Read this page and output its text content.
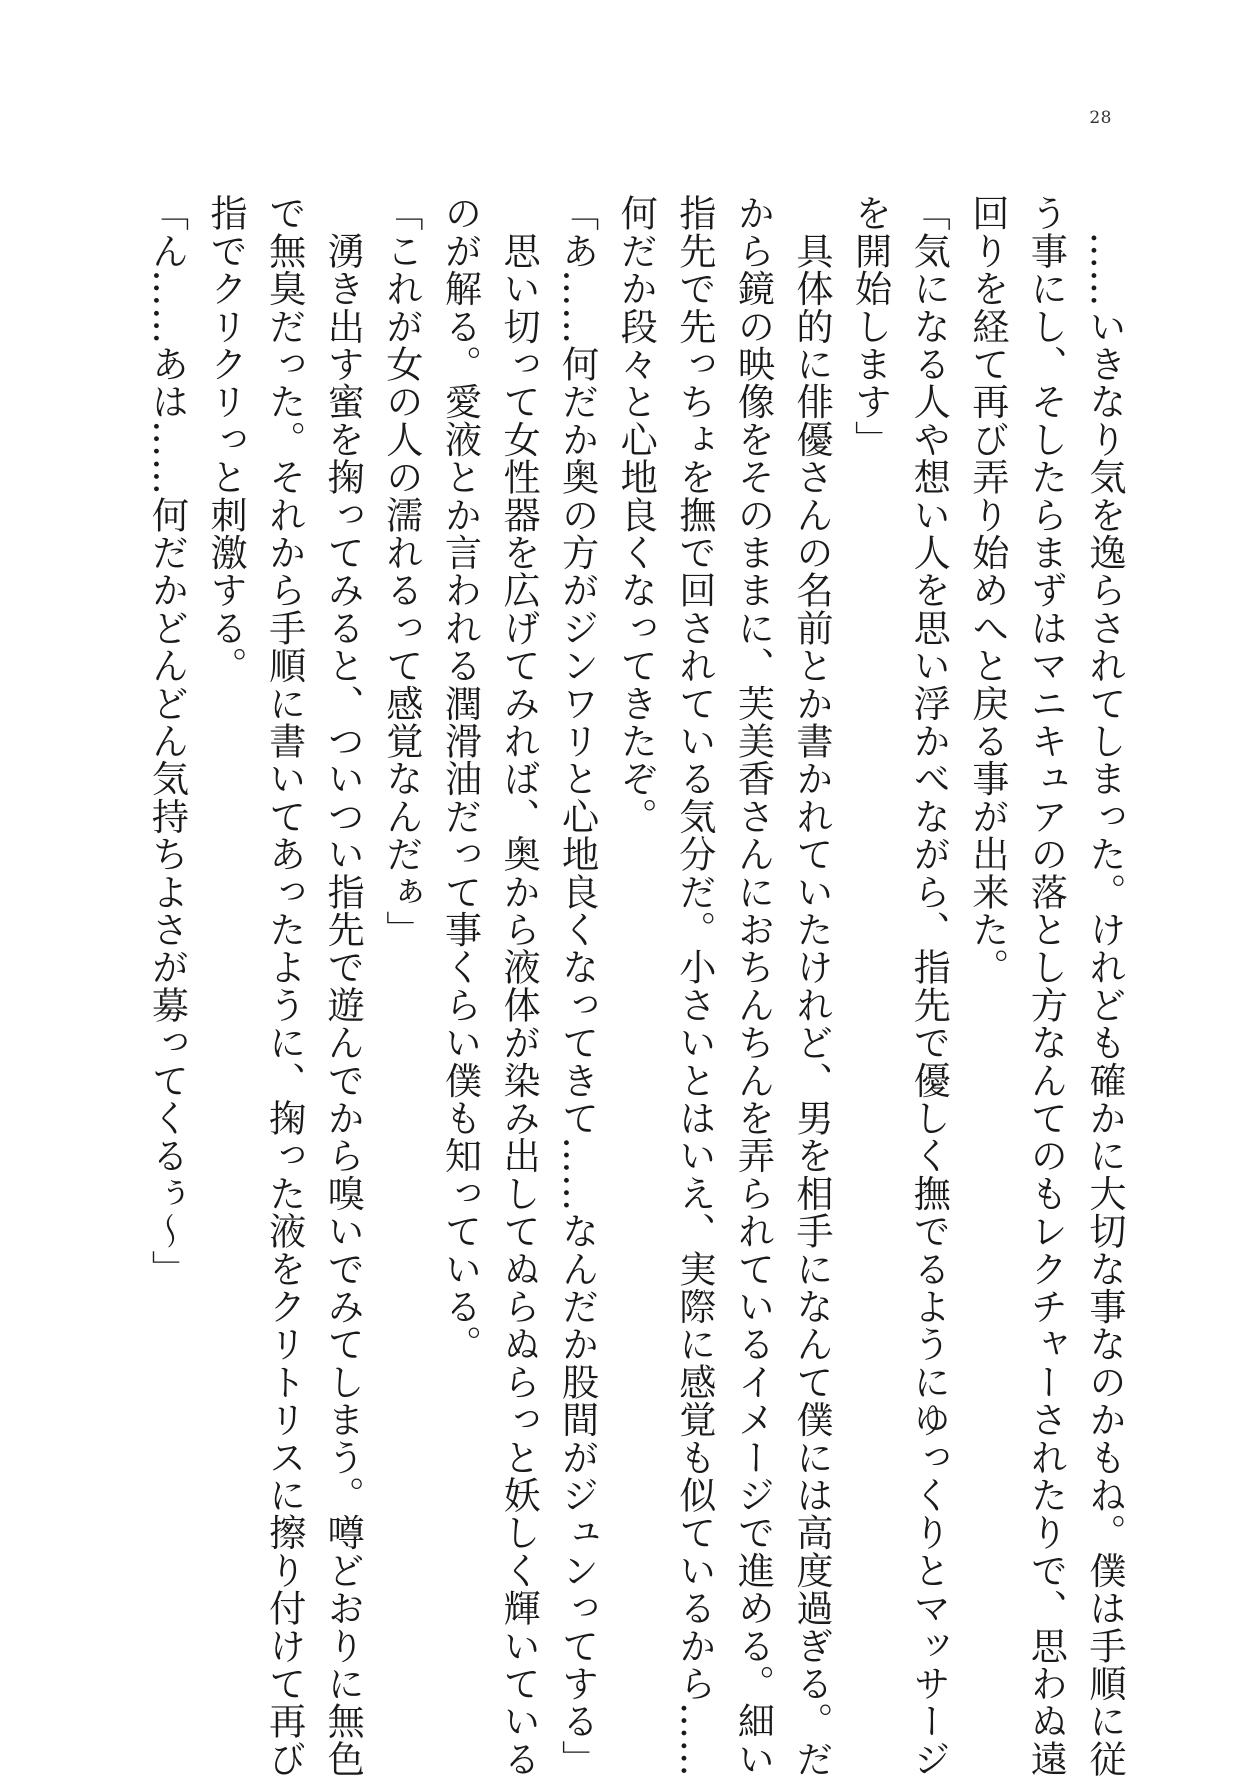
28

　……いきなり気を逸らされてしまった。けれども確かに大切な事なのかもね。僕は手順に従

う事にし、そしたらまずはマニキュアの落とし方なんてのもレクチャーされたりで、思わぬ遠

回りを経て再び弄り始めへと戻る事が出来た。

「気になる人や想い人を思い浮かべながら、指先で優しく撫でるようにゆっくりとマッサージ

を開始します」

　具体的に俳優さんの名前とか書かれていたけれど、男を相手になんて僕には高度過ぎる。だ

から鏡の映像をそのままに、芙美香さんにおちんちんを弄られているイメージで進める。細い

指先で先っちょを撫で回されている気分だ。小さいとはいえ、実際に感覚も似ているから……

何だか段々と心地良くなってきたぞ。

「あ……何だか奥の方がジンワリと心地良くなってきて……なんだか股間がジュンってする」

　思い切って女性器を広げてみれば、奥から液体が染み出してぬらぬらっと妖しく輝いている

のが解る。愛液とか言われる潤滑油だって事くらい僕も知っている。

「これが女の人の濡れるって感覚なんだぁ」

　湧き出す蜜を掬ってみると、ついつい指先で遊んでから嗅いでみてしまう。噂どおりに無色

で無臭だった。それから手順に書いてあったように、掬った液をクリトリスに擦り付けて再び

指でクリクリっと刺激する。

「ん……あは……何だかどんどん気持ちよさが募ってくるぅ～」
